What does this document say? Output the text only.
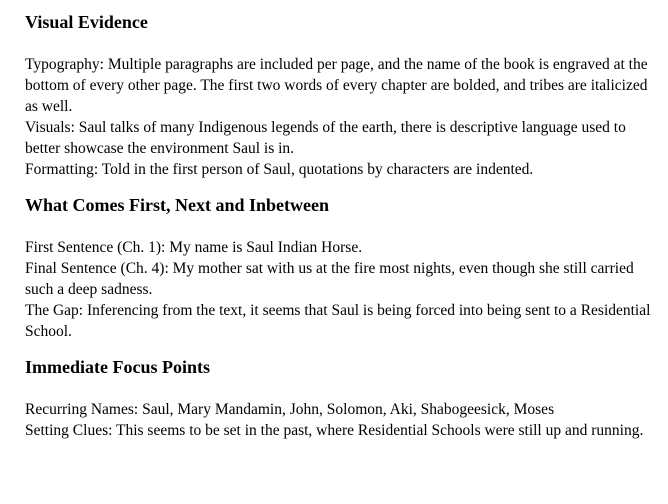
Visual Evidence

Typography: Multiple paragraphs are included per page, and the name of the book is engraved at the bottom of every other page. The first two words of every chapter are bolded, and tribes are italicized as well.

Visuals: Saul talks of many Indigenous legends of the earth, there is descriptive language used to better showcase the environment Saul is in.

Formatting: Told in the first person of Saul, quotations by characters are indented.

What Comes First, Next and Inbetween

First Sentence (Ch. 1): My name is Saul Indian Horse.

Final Sentence (Ch. 4): My mother sat with us at the fire most nights, even though she still carried such a deep sadness.

The Gap: Inferencing from the text, it seems that Saul is being forced into being sent to a Residential School.

Immediate Focus Points

Recurring Names: Saul, Mary Mandamin, John, Solomon, Aki, Shabogeesick, Moses

Setting Clues: This seems to be set in the past, where Residential Schools were still up and running.
